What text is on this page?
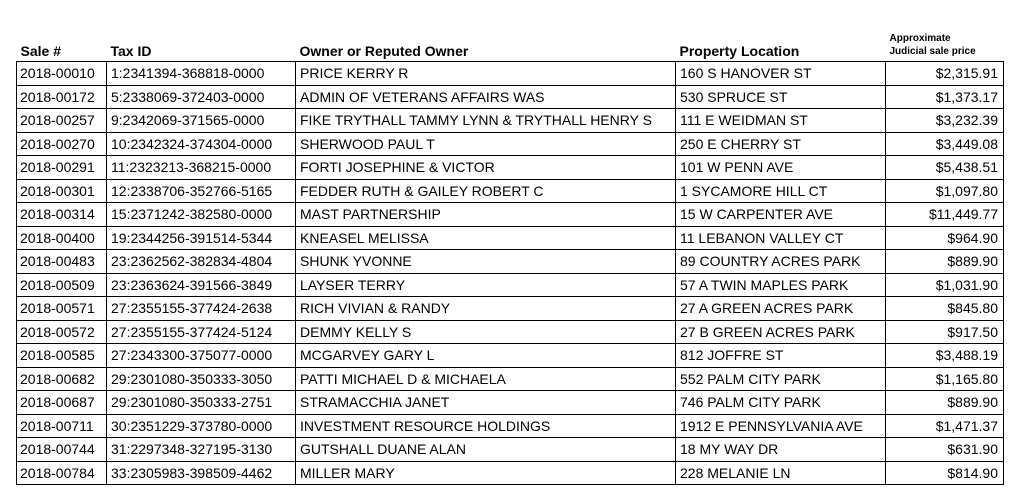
Sale #	Tax ID	Owner or Reputed Owner	Property Location	Approximate
Judicial sale price

2018-00010	1:2341394-368818-0000	PRICE KERRY R	160 S HANOVER ST	$2,315.91
2018-00172	5:2338069-372403-0000	ADMIN OF VETERANS AFFAIRS WAS	530 SPRUCE ST	$1,373.17
2018-00257	9:2342069-371565-0000	FIKE TRYTHALL TAMMY LYNN & TRYTHALL HENRY S	111 E WEIDMAN ST	$3,232.39
2018-00270	10:2342324-374304-0000	SHERWOOD PAUL T	250 E CHERRY ST	$3,449.08
2018-00291	11:2323213-368215-0000	FORTI JOSEPHINE & VICTOR	101 W PENN AVE	$5,438.51
2018-00301	12:2338706-352766-5165	FEDDER RUTH & GAILEY ROBERT C	1 SYCAMORE HILL CT	$1,097.80
2018-00314	15:2371242-382580-0000	MAST PARTNERSHIP	15 W CARPENTER AVE	$11,449.77
2018-00400	19:2344256-391514-5344	KNEASEL MELISSA	11 LEBANON VALLEY CT	$964.90
2018-00483	23:2362562-382834-4804	SHUNK YVONNE	89 COUNTRY ACRES PARK	$889.90
2018-00509	23:2363624-391566-3849	LAYSER TERRY	57 A TWIN MAPLES PARK	$1,031.90
2018-00571	27:2355155-377424-2638	RICH VIVIAN & RANDY	27 A GREEN ACRES PARK	$845.80
2018-00572	27:2355155-377424-5124	DEMMY KELLY S	27 B GREEN ACRES PARK	$917.50
2018-00585	27:2343300-375077-0000	MCGARVEY GARY L	812 JOFFRE ST	$3,488.19
2018-00682	29:2301080-350333-3050	PATTI MICHAEL D & MICHAELA	552 PALM CITY PARK	$1,165.80
2018-00687	29:2301080-350333-2751	STRAMACCHIA JANET	746 PALM CITY PARK	$889.90
2018-00711	30:2351229-373780-0000	INVESTMENT RESOURCE HOLDINGS	1912 E PENNSYLVANIA AVE	$1,471.37
2018-00744	31:2297348-327195-3130	GUTSHALL DUANE ALAN	18 MY WAY DR	$631.90
2018-00784	33:2305983-398509-4462	MILLER MARY	228 MELANIE LN	$814.90
